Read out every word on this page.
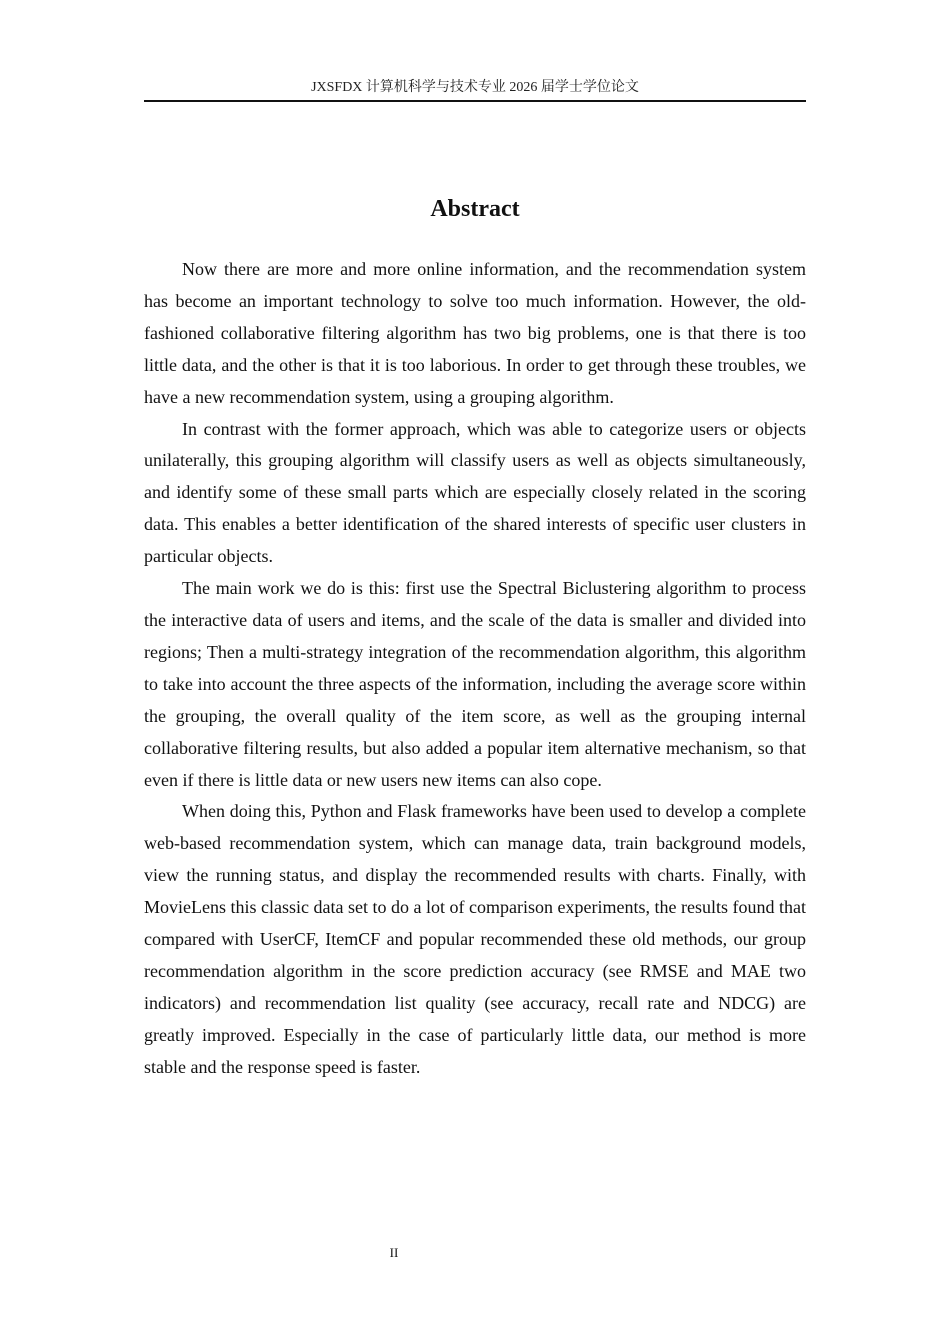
JXSFDX 计算机科学与技术专业 2026 届学士学位论文
Abstract

Now there are more and more online information, and the recommendation system has become an important technology to solve too much information. However, the old-fashioned collaborative filtering algorithm has two big problems, one is that there is too little data, and the other is that it is too laborious. In order to get through these troubles, we have a new recommendation system, using a grouping algorithm.

In contrast with the former approach, which was able to categorize users or objects unilaterally, this grouping algorithm will classify users as well as objects simultaneously, and identify some of these small parts which are especially closely related in the scoring data. This enables a better identification of the shared interests of specific user clusters in particular objects.

The main work we do is this: first use the Spectral Biclustering algorithm to process the interactive data of users and items, and the scale of the data is smaller and divided into regions; Then a multi-strategy integration of the recommendation algorithm, this algorithm to take into account the three aspects of the information, including the average score within the grouping, the overall quality of the item score, as well as the grouping internal collaborative filtering results, but also added a popular item alternative mechanism, so that even if there is little data or new users new items can also cope.

When doing this, Python and Flask frameworks have been used to develop a complete web-based recommendation system, which can manage data, train background models, view the running status, and display the recommended results with charts. Finally, with MovieLens this classic data set to do a lot of comparison experiments, the results found that compared with UserCF, ItemCF and popular recommended these old methods, our group recommendation algorithm in the score prediction accuracy (see RMSE and MAE two indicators) and recommendation list quality (see accuracy, recall rate and NDCG) are greatly improved. Especially in the case of particularly little data, our method is more stable and the response speed is faster.

II
